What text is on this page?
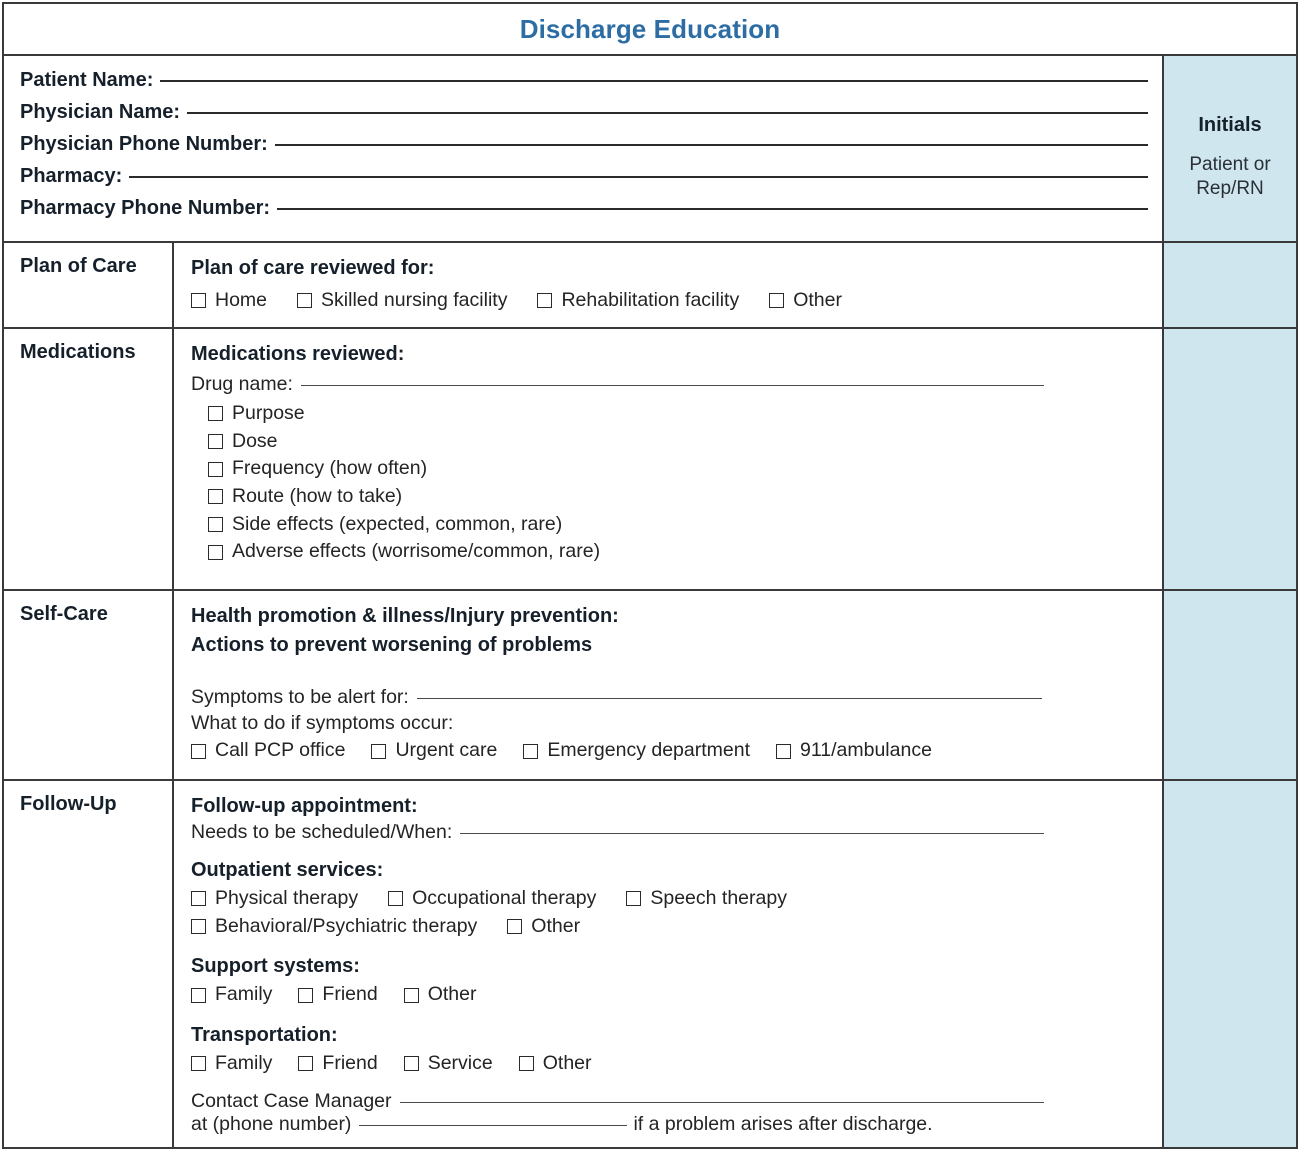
Discharge Education
Patient Name:
Physician Name:
Physician Phone Number:
Pharmacy:
Pharmacy Phone Number:
Plan of Care	Plan of care reviewed for:
Home	Skilled nursing facility	Rehabilitation facility	Other
Medications	Medications reviewed:
Drug name:
Purpose
Dose
Frequency (how often)
Route (how to take)
Side effects (expected, common, rare)
Adverse effects (worrisome/common, rare)
Self-Care	Health promotion & illness/Injury prevention:
Actions to prevent worsening of problems
Symptoms to be alert for:
What to do if symptoms occur:
Call PCP office	Urgent care	Emergency department	911/ambulance
Follow-Up	Follow-up appointment:
Needs to be scheduled/When:
Outpatient services:
Physical therapy	Occupational therapy	Speech therapy
Behavioral/Psychiatric therapy	Other
Support systems:
Family	Friend	Other
Transportation:
Family	Friend	Service	Other
Contact Case Manager
at (phone number)	if a problem arises after discharge.
Initials
Patient or
Rep/RN
